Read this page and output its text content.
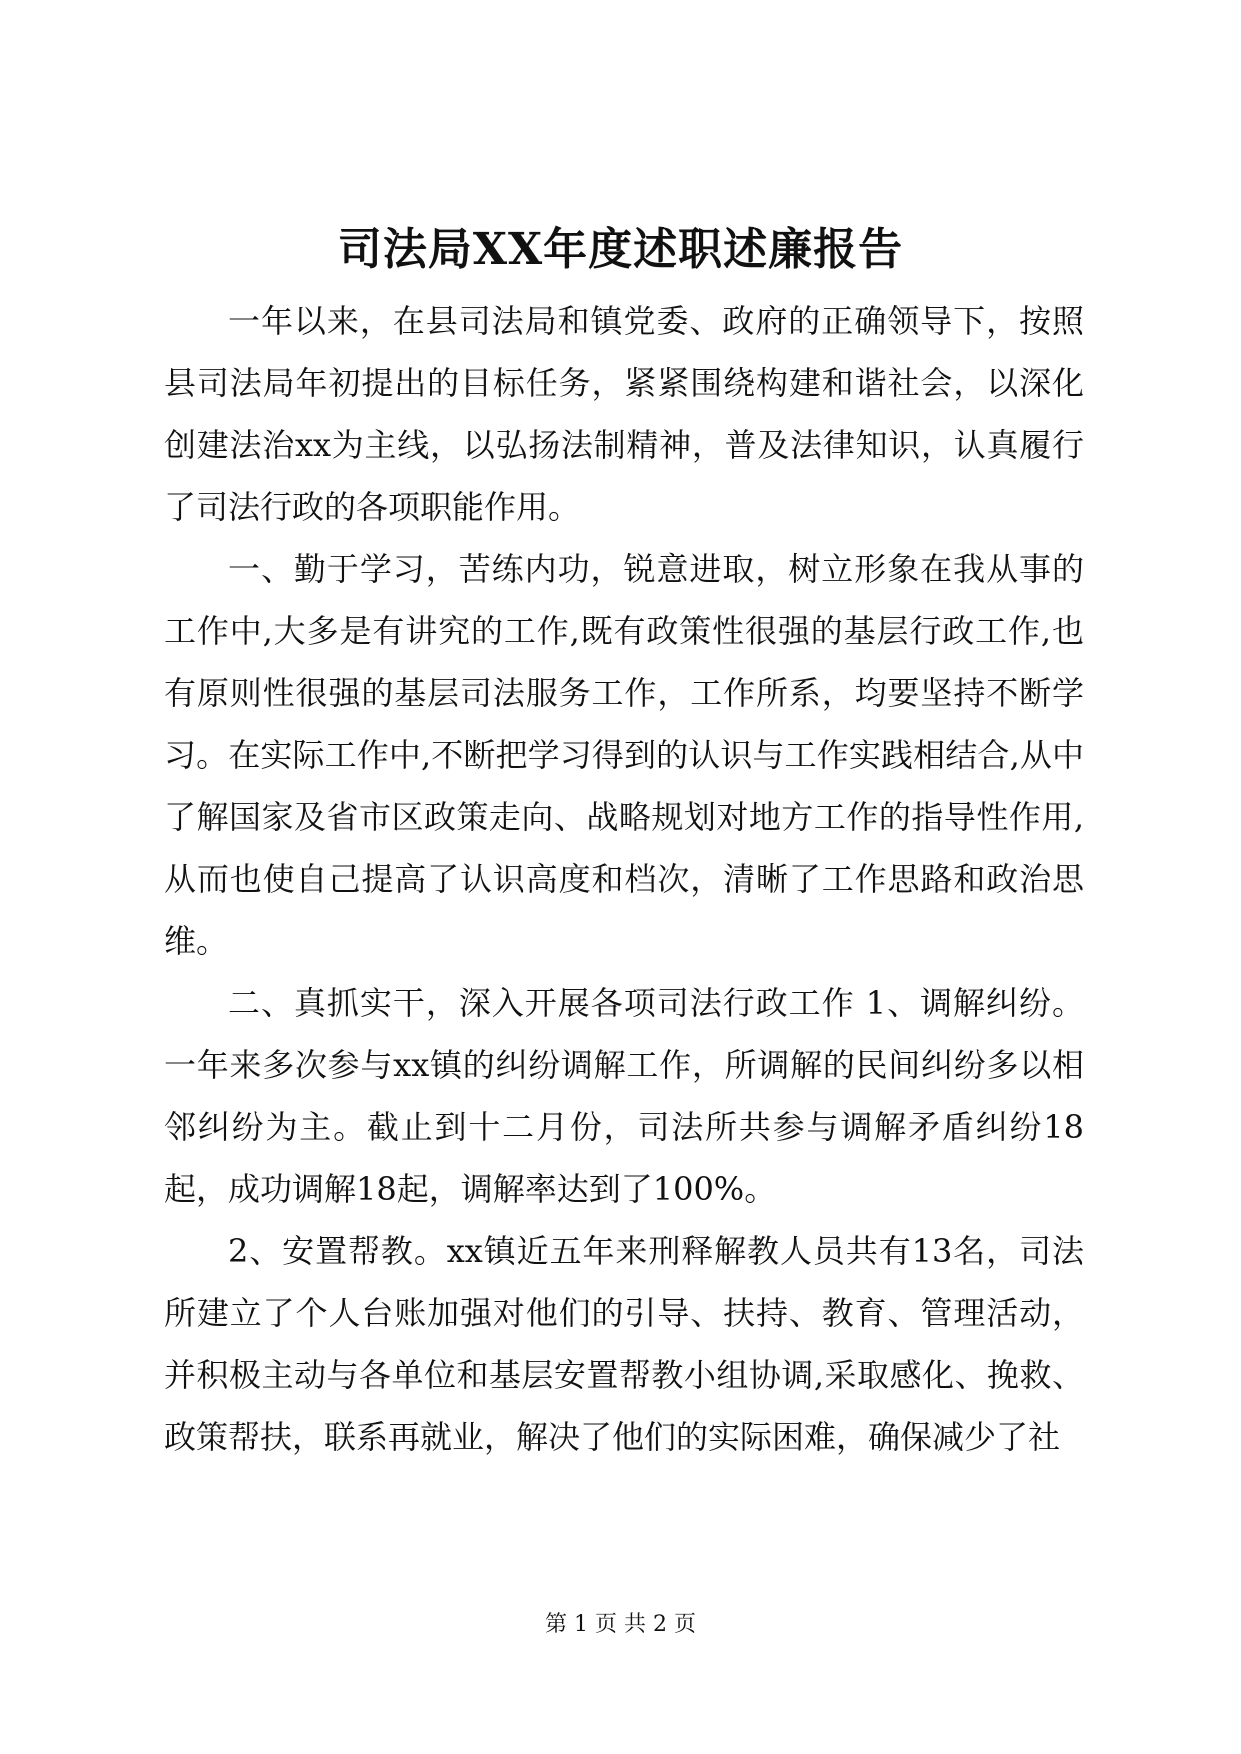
司法局XX年度述职述廉报告

一年以来，在县司法局和镇党委、政府的正确领导下，按照县司法局年初提出的目标任务，紧紧围绕构建和谐社会，以深化创建法治xx为主线，以弘扬法制精神，普及法律知识，认真履行了司法行政的各项职能作用。

一、勤于学习，苦练内功，锐意进取，树立形象在我从事的工作中,大多是有讲究的工作,既有政策性很强的基层行政工作,也有原则性很强的基层司法服务工作，工作所系，均要坚持不断学习。在实际工作中,不断把学习得到的认识与工作实践相结合,从中了解国家及省市区政策走向、战略规划对地方工作的指导性作用,从而也使自己提高了认识高度和档次，清晰了工作思路和政治思维。

二、真抓实干，深入开展各项司法行政工作 1、调解纠纷。一年来多次参与xx镇的纠纷调解工作，所调解的民间纠纷多以相邻纠纷为主。截止到十二月份，司法所共参与调解矛盾纠纷18起，成功调解18起，调解率达到了100%。

2、安置帮教。xx镇近五年来刑释解教人员共有13名，司法所建立了个人台账加强对他们的引导、扶持、教育、管理活动，并积极主动与各单位和基层安置帮教小组协调,采取感化、挽救、政策帮扶，联系再就业，解决了他们的实际困难，确保减少了社

第 1 页 共 2 页
